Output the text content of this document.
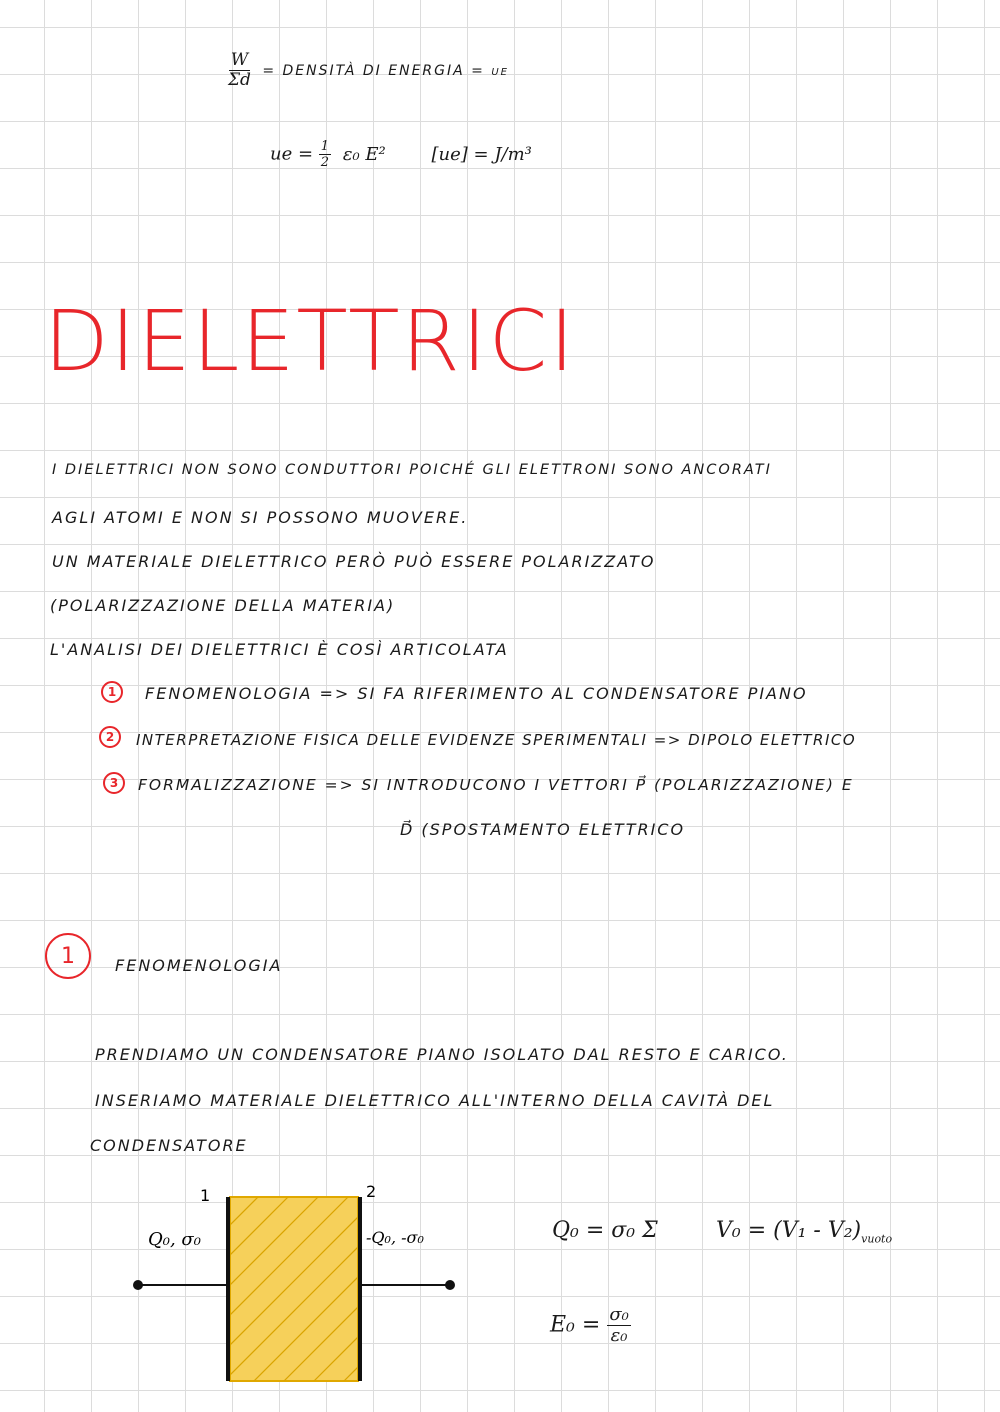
$\frac{W}{\Sigma d}$ = DENSITÀ DI ENERGIA = ue
ue = $\frac{1}{2} \varepsilon_0$ E²	[ue] = J/m³
DIELETTRICI
I DIELETTRICI NON SONO CONDUTTORI POICHÉ GLI ELETTRONI SONO ANCORATI
AGLI ATOMI E NON SI POSSONO MUOVERE.
UN MATERIALE DIELETTRICO PERÒ PUÒ ESSERE POLARIZZATO
(POLARIZZAZIONE DELLA MATERIA)
L'ANALISI DEI DIELETTRICI È COSÌ ARTICOLATA
1	FENOMENOLOGIA => SI FA RIFERIMENTO AL CONDENSATORE PIANO
2	INTERPRETAZIONE FISICA DELLE EVIDENZE SPERIMENTALI => DIPOLO ELETTRICO
3	FORMALIZZAZIONE => SI INTRODUCONO I VETTORI P⃗ (POLARIZZAZIONE) E
D⃗ (SPOSTAMENTO ELETTRICO
1	FENOMENOLOGIA
PRENDIAMO UN CONDENSATORE PIANO ISOLATO DAL RESTO E CARICO.
INSERIAMO MATERIALE DIELETTRICO ALL'INTERNO DELLA CAVITÀ DEL
CONDENSATORE
1	2
Q₀, σ₀	-Q₀, -σ₀	Q₀ = σ₀ Σ	$V_0 = (V_1 - V_2)_{vuoto}$
$E_0 = \frac{\text{σ₀}}{\text{ε₀}}$
